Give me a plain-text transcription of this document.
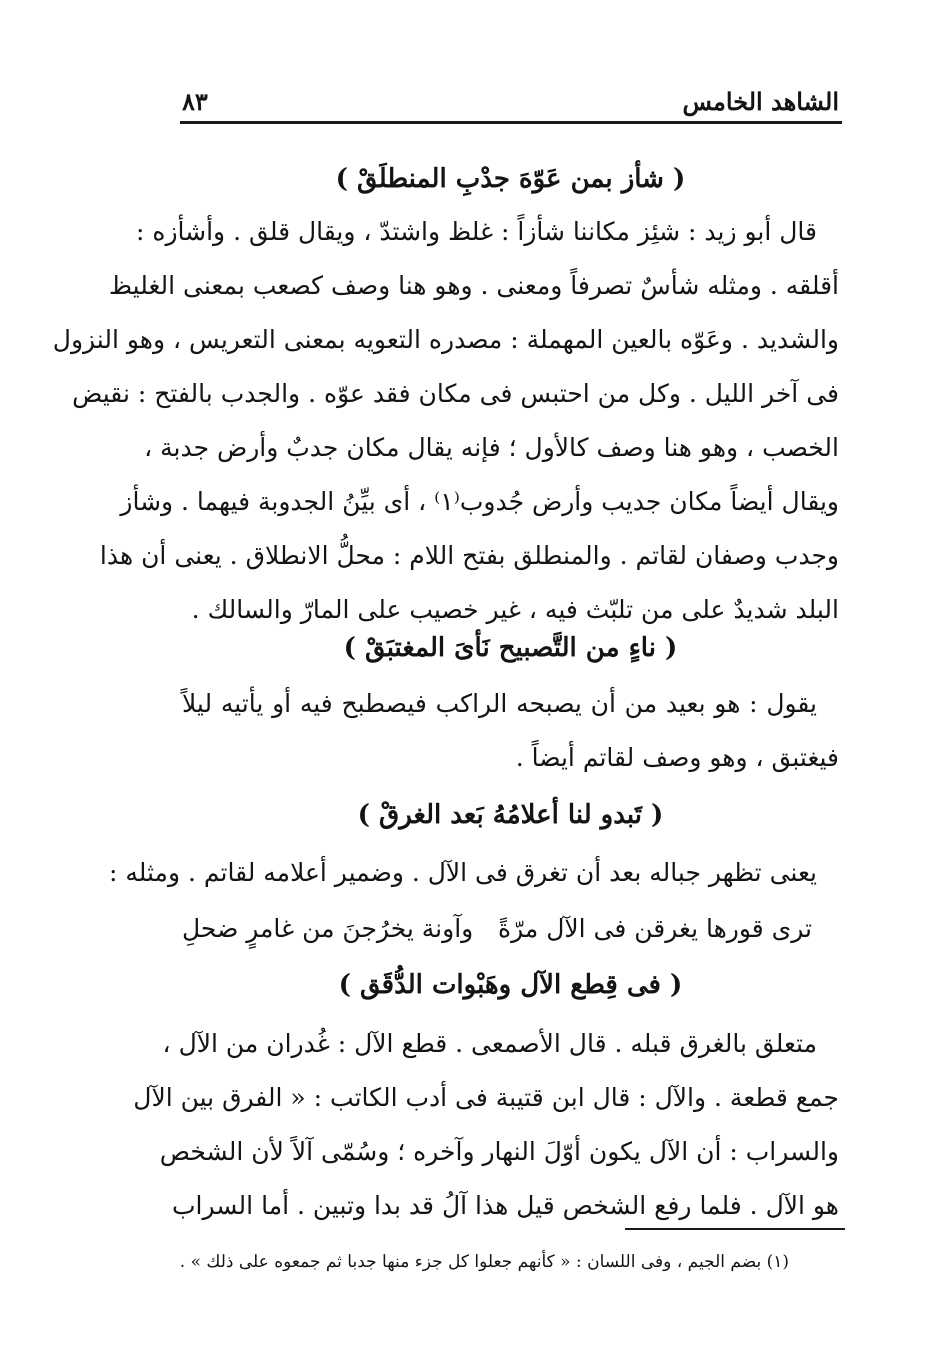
الشاهد الخامس
٨٣
( شأز بمن عَوّهَ جدْبِ المنطلَقْ )
قال أبو زيد : شئِز مكاننا شأزاً : غلظ واشتدّ ، ويقال قلق . وأشأزه :
أقلقه . ومثله شأسٌ تصرفاً ومعنى . وهو هنا وصف كصعب بمعنى الغليظ
والشديد . وعَوّه بالعين المهملة : مصدره التعويه بمعنى التعريس ، وهو النزول
فى آخر الليل . وكل من احتبس فى مكان فقد عوّه . والجدب بالفتح : نقيض
الخصب ، وهو هنا وصف كالأول ؛ فإنه يقال مكان جدبٌ وأرض جدبة ،
ويقال أيضاً مكان جديب وأرض جُدوب⁽١⁾ ، أى بيِّنُ الجدوبة فيهما . وشأز
وجدب وصفان لقاتم . والمنطلق بفتح اللام : محلُّ الانطلاق . يعنى أن هذا
البلد شديدٌ على من تلبّث فيه ، غير خصيب على المارّ والسالك .
( ناءٍ من التَّصبيح نَأىَ المغتبَقْ )
يقول : هو بعيد من أن يصبحه الراكب فيصطبح فيه أو يأتيه ليلاً
فيغتبق ، وهو وصف لقاتم أيضاً .
( تَبدو لنا أعلامُهُ بَعد الغرقْ )
يعنى تظهر جباله بعد أن تغرق فى الآل . وضمير أعلامه لقاتم . ومثله :
ترى قورها يغرقن فى الآل مرّةً
وآونة يخرُجنَ من غامرٍ ضحلِ
( فى قِطع الآل وهَبْوات الدُّقَق )
متعلق بالغرق قبله . قال الأصمعى . قطع الآل : غُدران من الآل ،
جمع قطعة . والآل : قال ابن قتيبة فى أدب الكاتب : « الفرق بين الآل
والسراب : أن الآل يكون أوّلَ النهار وآخره ؛ وسُمّى آلاً لأن الشخص
هو الآل . فلما رفع الشخص قيل هذا آلُ قد بدا وتبين . أما السراب
(١) بضم الجيم ، وفى اللسان : « كأنهم جعلوا كل جزء منها جدبا ثم جمعوه على ذلك » .
